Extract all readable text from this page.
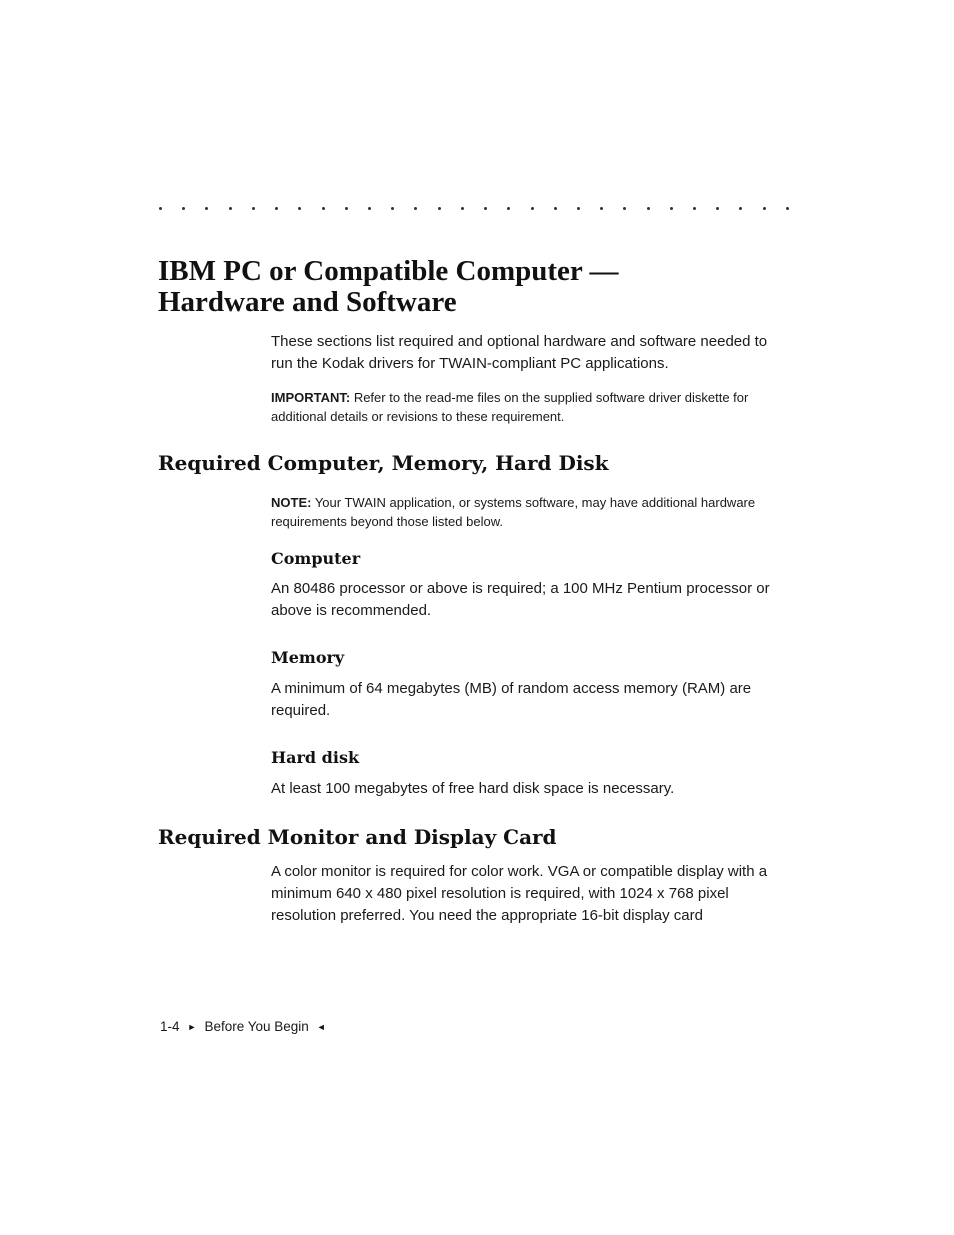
IBM PC or Compatible Computer —
Hardware and Software

These sections list required and optional hardware and software needed to run the Kodak drivers for TWAIN-compliant PC applications.

IMPORTANT: Refer to the read-me files on the supplied software driver diskette for additional details or revisions to these requirement.

Required Computer, Memory, Hard Disk

NOTE: Your TWAIN application, or systems software, may have additional hardware requirements beyond those listed below.

Computer

An 80486 processor or above is required; a 100 MHz Pentium processor or above is recommended.

Memory

A minimum of 64 megabytes (MB) of random access memory (RAM) are required.

Hard disk

At least 100 megabytes of free hard disk space is necessary.

Required Monitor and Display Card

A color monitor is required for color work. VGA or compatible display with a minimum 640 x 480 pixel resolution is required, with 1024 x 768 pixel resolution preferred. You need the appropriate 16-bit display card

1-4 ► Before You Begin ◄
